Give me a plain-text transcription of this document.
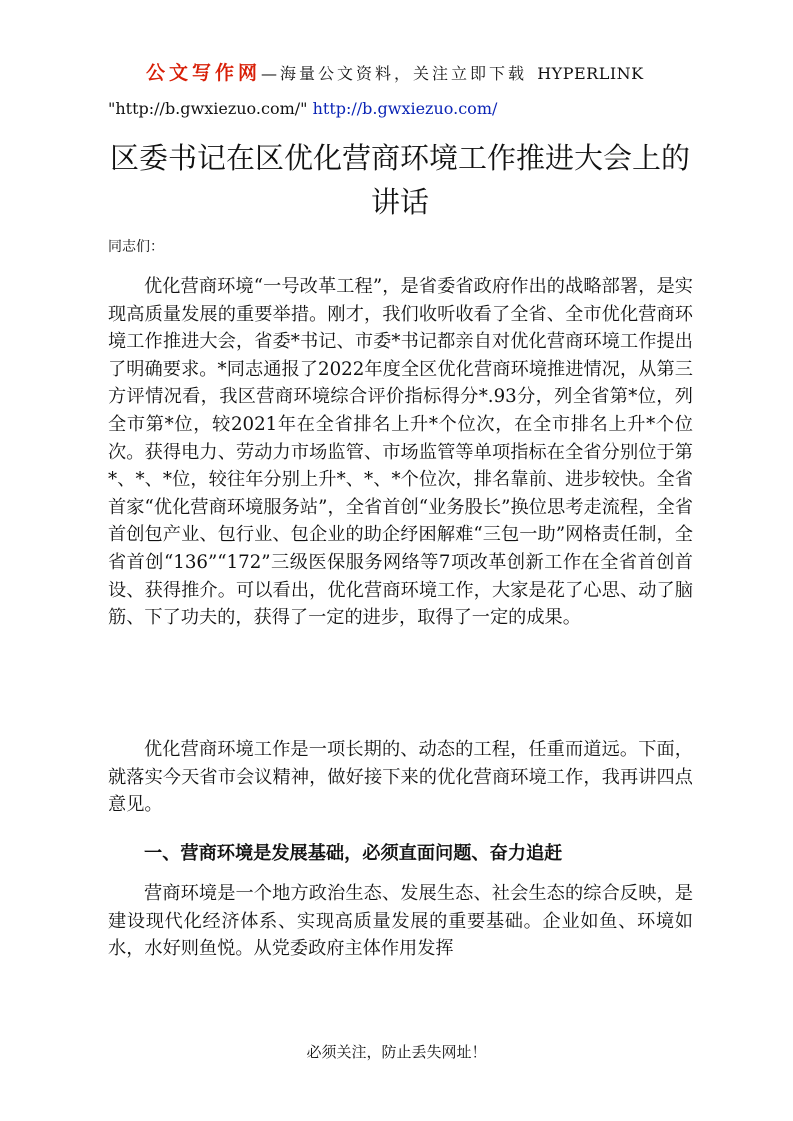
公文写作网—海量公文资料，关注立即下载 HYPERLINK
"http://b.gwxiezuo.com/" http://b.gwxiezuo.com/
区委书记在区优化营商环境工作推进大会上的讲话
同志们：

优化营商环境“一号改革工程”，是省委省政府作出的战略部署，是实现高质量发展的重要举措。刚才，我们收听收看了全省、全市优化营商环境工作推进大会，省委*书记、市委*书记都亲自对优化营商环境工作提出了明确要求。*同志通报了2022年度全区优化营商环境推进情况，从第三方评情况看，我区营商环境综合评价指标得分*.93分，列全省第*位，列全市第*位，较2021年在全省排名上升*个位次，在全市排名上升*个位次。获得电力、劳动力市场监管、市场监管等单项指标在全省分别位于第*、*、*位，较往年分别上升*、*、*个位次，排名靠前、进步较快。全省首家“优化营商环境服务站”，全省首创“业务股长”换位思考走流程，全省首创包产业、包行业、包企业的助企纾困解难“三包一助”网格责任制，全省首创“136”“172”三级医保服务网络等7项改革创新工作在全省首创首设、获得推介。可以看出，优化营商环境工作，大家是花了心思、动了脑筋、下了功夫的，获得了一定的进步，取得了一定的成果。

优化营商环境工作是一项长期的、动态的工程，任重而道远。下面，就落实今天省市会议精神，做好接下来的优化营商环境工作，我再讲四点意见。

一、营商环境是发展基础，必须直面问题、奋力追赶

营商环境是一个地方政治生态、发展生态、社会生态的综合反映，是建设现代化经济体系、实现高质量发展的重要基础。企业如鱼、环境如水，水好则鱼悦。从党委政府主体作用发挥

必须关注，防止丢失网址！
